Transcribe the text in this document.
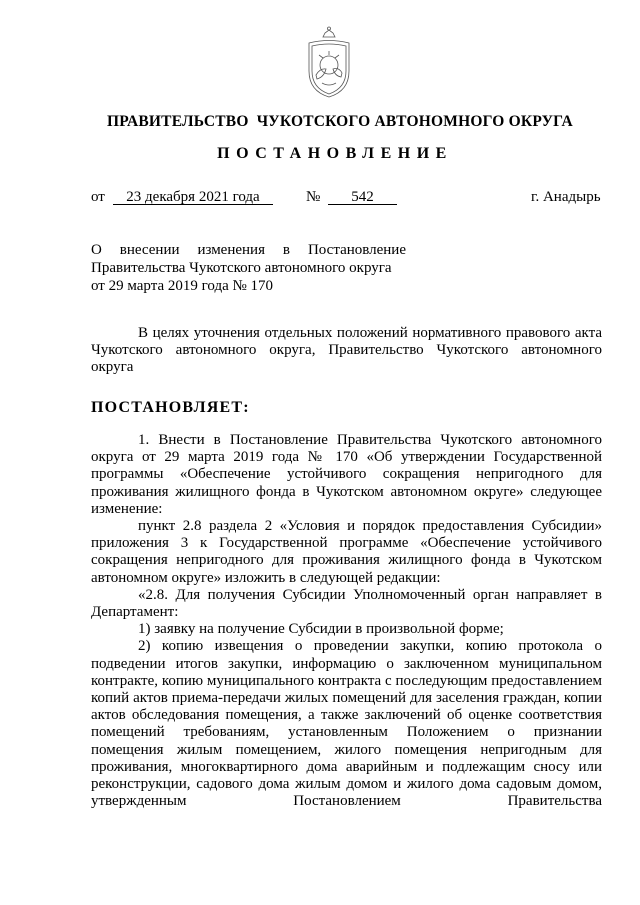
ПРАВИТЕЛЬСТВО  ЧУКОТСКОГО АВТОНОМНОГО ОКРУГА
ПОСТАНОВЛЕНИЕ
от	23 декабря 2021 года	№	542	г. Анадырь
О внесении изменения в Постановление
Правительства Чукотского автономного округа
от 29 марта 2019 года № 170

В целях уточнения отдельных положений нормативного правового акта Чукотского автономного округа, Правительство Чукотского автономного округа

ПОСТАНОВЛЯЕТ:

1. Внести в Постановление Правительства Чукотского автономного округа от 29 марта 2019 года № 170 «Об утверждении Государственной программы «Обеспечение устойчивого сокращения непригодного для проживания жилищного фонда в Чукотском автономном округе» следующее изменение:

пункт 2.8 раздела 2 «Условия и порядок предоставления Субсидии» приложения 3 к Государственной программе «Обеспечение устойчивого сокращения непригодного для проживания жилищного фонда в Чукотском автономном округе» изложить в следующей редакции:

«2.8. Для получения Субсидии Уполномоченный орган направляет в Департамент:

1) заявку на получение Субсидии в произвольной форме;

2) копию извещения о проведении закупки, копию протокола о подведении итогов закупки, информацию о заключенном муниципальном контракте, копию муниципального контракта с последующим предоставлением копий актов приема-передачи жилых помещений для заселения граждан, копии актов обследования помещения, а также заключений об оценке соответствия помещений требованиям, установленным Положением о признании помещения жилым помещением, жилого помещения непригодным для проживания, многоквартирного дома аварийным и подлежащим сносу или реконструкции, садового дома жилым домом и жилого дома садовым домом, утвержденным Постановлением Правительства
